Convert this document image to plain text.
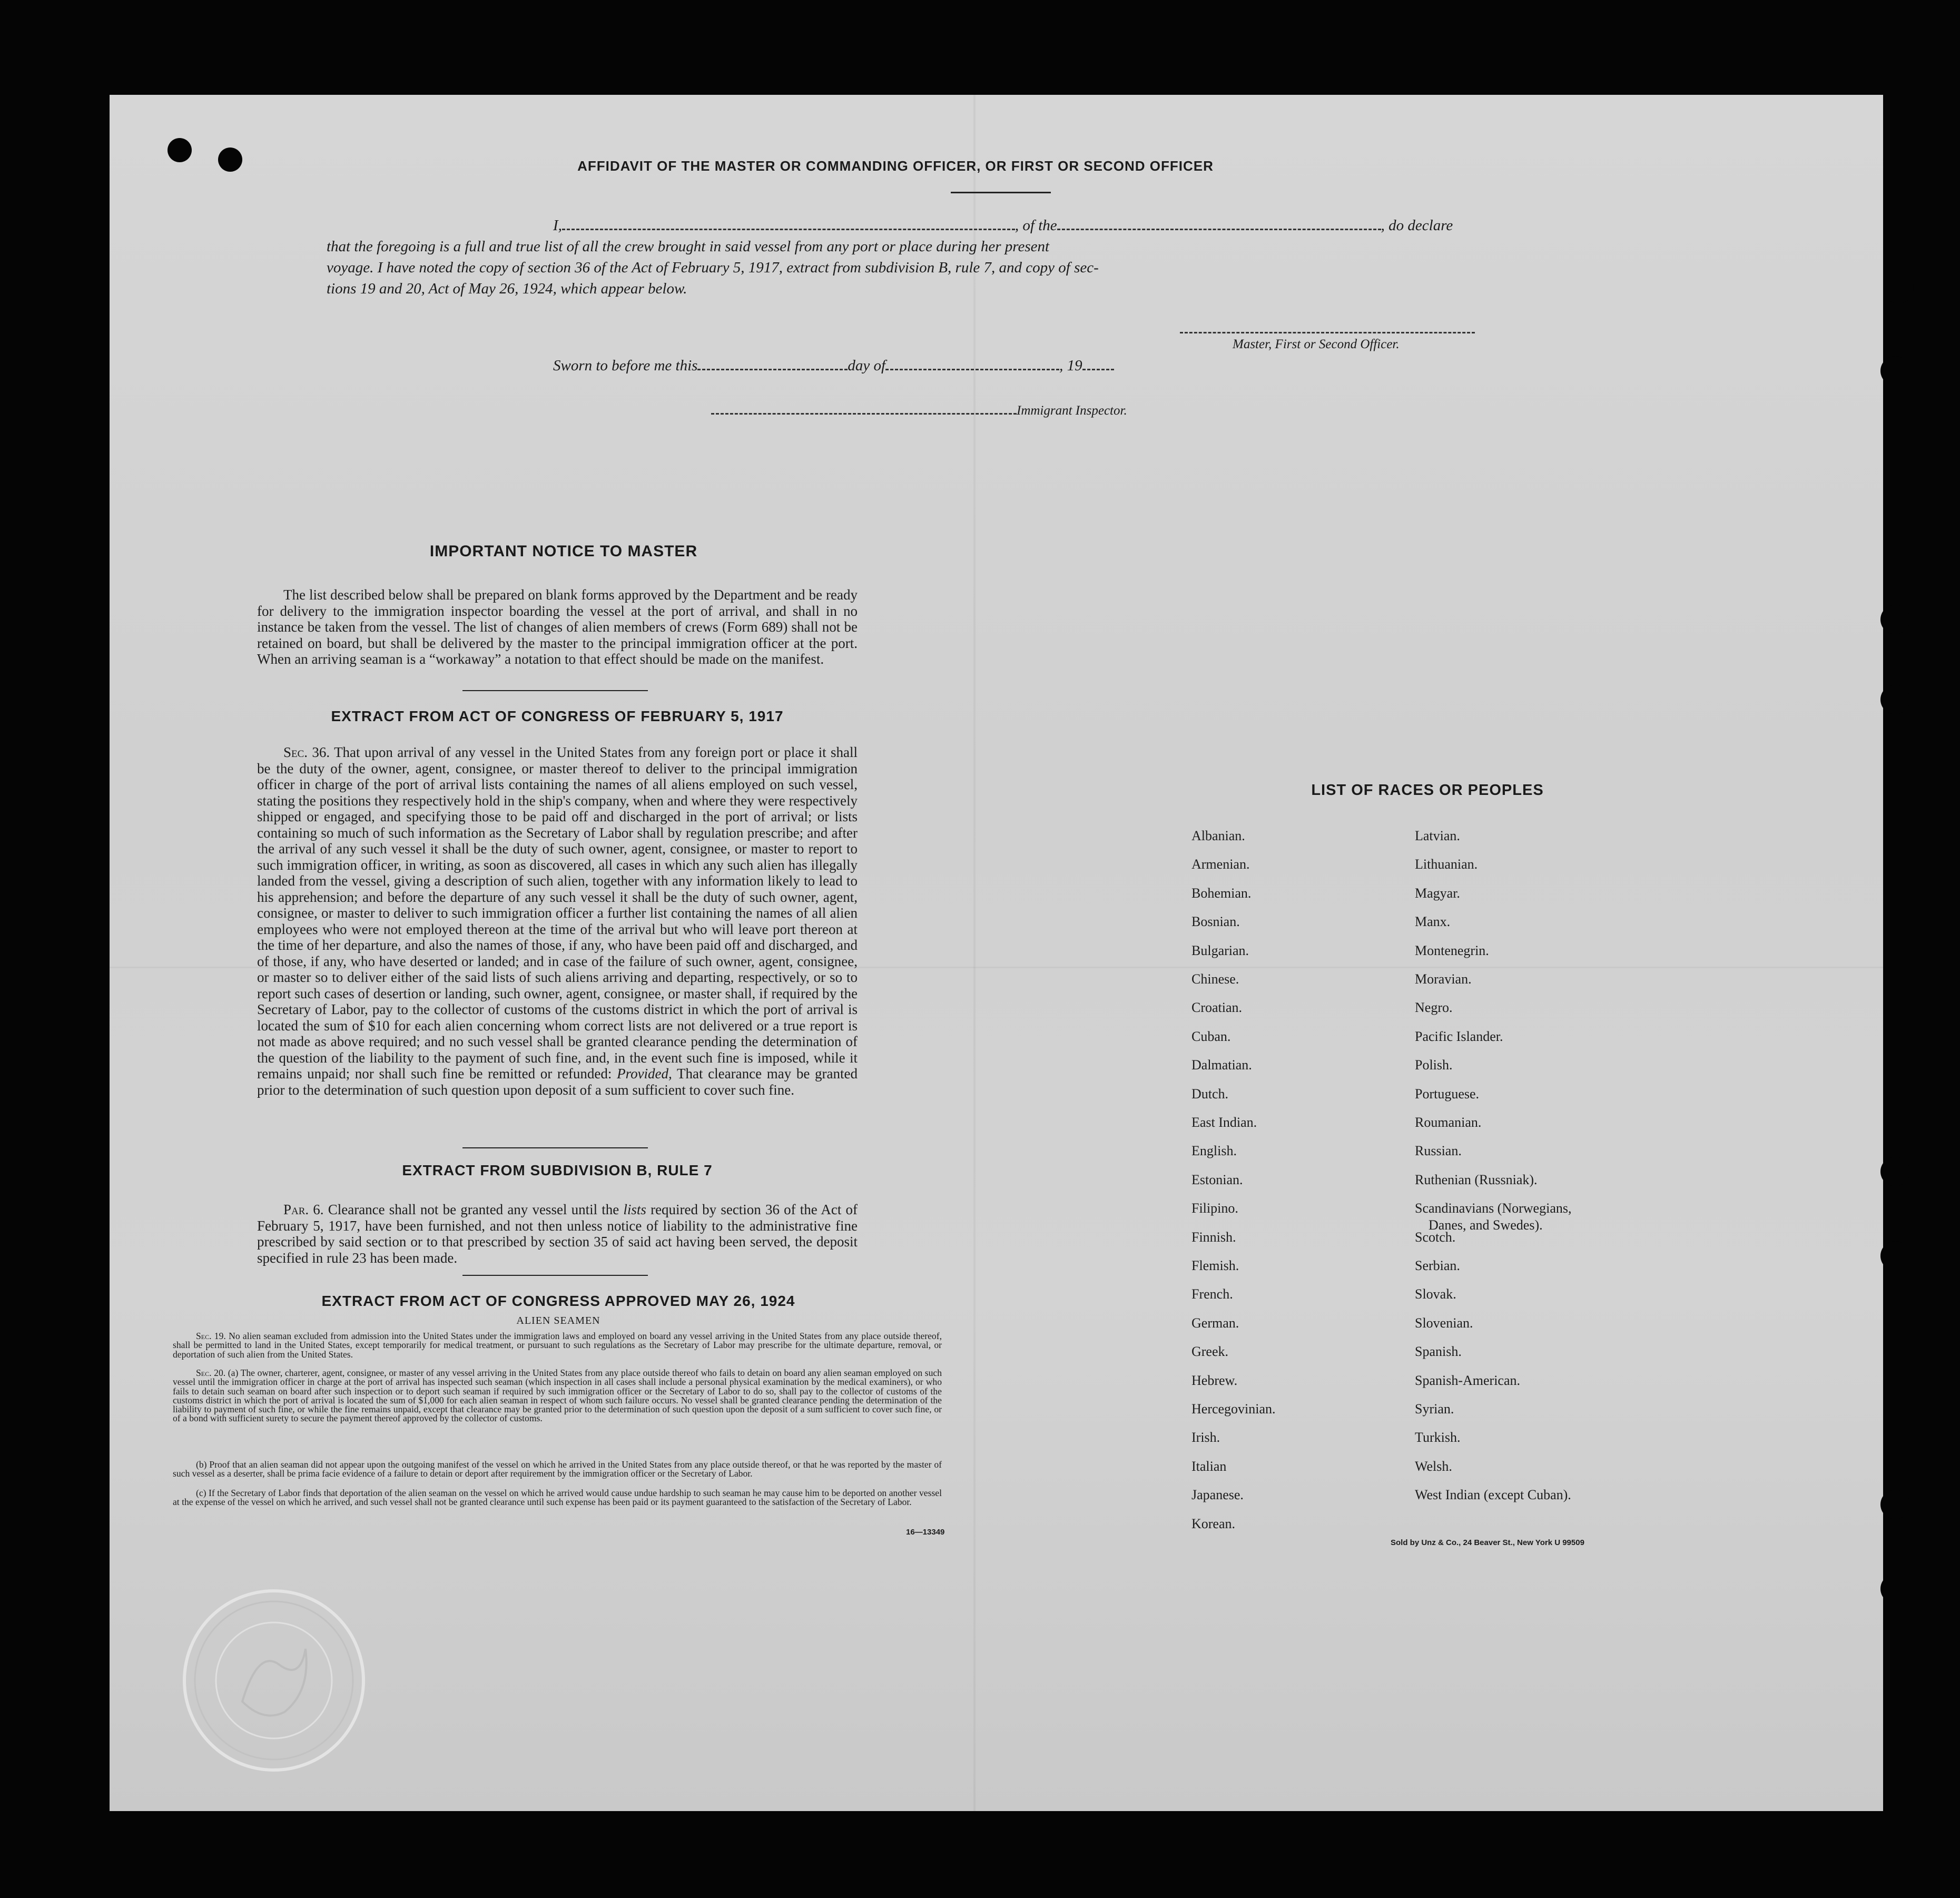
AFFIDAVIT OF THE MASTER OR COMMANDING OFFICER, OR FIRST OR SECOND OFFICER
I,	, of the	, do declare
that the foregoing is a full and true list of all the crew brought in said vessel from any port or place during her present
voyage. I have noted the copy of section 36 of the Act of February 5, 1917, extract from subdivision B, rule 7, and copy of sec-
tions 19 and 20, Act of May 26, 1924, which appear below.
Master, First or Second Officer.
Sworn to before me this	day of	, 19
Immigrant Inspector.
IMPORTANT NOTICE TO MASTER
The list described below shall be prepared on blank forms approved by the Department and be ready for delivery to the immigration inspector boarding the vessel at the port of arrival, and shall in no instance be taken from the vessel. The list of changes of alien members of crews (Form 689) shall not be retained on board, but shall be delivered by the master to the principal immigration officer at the port. When an arriving seaman is a “workaway” a notation to that effect should be made on the manifest.
EXTRACT FROM ACT OF CONGRESS OF FEBRUARY 5, 1917
Sec. 36. That upon arrival of any vessel in the United States from any foreign port or place it shall be the duty of the owner, agent, consignee, or master thereof to deliver to the principal immigration officer in charge of the port of arrival lists containing the names of all aliens employed on such vessel, stating the positions they respectively hold in the ship's company, when and where they were respectively shipped or engaged, and specifying those to be paid off and discharged in the port of arrival; or lists containing so much of such information as the Secretary of Labor shall by regulation prescribe; and after the arrival of any such vessel it shall be the duty of such owner, agent, consignee, or master to report to such immigration officer, in writing, as soon as discovered, all cases in which any such alien has illegally landed from the vessel, giving a description of such alien, together with any information likely to lead to his apprehension; and before the departure of any such vessel it shall be the duty of such owner, agent, consignee, or master to deliver to such immigration officer a further list containing the names of all alien employees who were not employed thereon at the time of the arrival but who will leave port thereon at the time of her departure, and also the names of those, if any, who have been paid off and discharged, and of those, if any, who have deserted or landed; and in case of the failure of such owner, agent, consignee, or master so to deliver either of the said lists of such aliens arriving and departing, respectively, or so to report such cases of desertion or landing, such owner, agent, consignee, or master shall, if required by the Secretary of Labor, pay to the collector of customs of the customs district in which the port of arrival is located the sum of $10 for each alien concerning whom correct lists are not delivered or a true report is not made as above required; and no such vessel shall be granted clearance pending the determination of the question of the liability to the payment of such fine, and, in the event such fine is imposed, while it remains unpaid; nor shall such fine be remitted or refunded: Provided, That clearance may be granted prior to the determination of such question upon deposit of a sum sufficient to cover such fine.
EXTRACT FROM SUBDIVISION B, RULE 7
Par. 6. Clearance shall not be granted any vessel until the lists required by section 36 of the Act of February 5, 1917, have been furnished, and not then unless notice of liability to the administrative fine prescribed by said section or to that prescribed by section 35 of said act having been served, the deposit specified in rule 23 has been made.
EXTRACT FROM ACT OF CONGRESS APPROVED MAY 26, 1924
ALIEN SEAMEN
Sec. 19. No alien seaman excluded from admission into the United States under the immigration laws and employed on board any vessel arriving in the United States from any place outside thereof, shall be permitted to land in the United States, except temporarily for medical treatment, or pursuant to such regulations as the Secretary of Labor may prescribe for the ultimate departure, removal, or deportation of such alien from the United States.
Sec. 20. (a) The owner, charterer, agent, consignee, or master of any vessel arriving in the United States from any place outside thereof who fails to detain on board any alien seaman employed on such vessel until the immigration officer in charge at the port of arrival has inspected such seaman (which inspection in all cases shall include a personal physical examination by the medical examiners), or who fails to detain such seaman on board after such inspection or to deport such seaman if required by such immigration officer or the Secretary of Labor to do so, shall pay to the collector of customs of the customs district in which the port of arrival is located the sum of $1,000 for each alien seaman in respect of whom such failure occurs. No vessel shall be granted clearance pending the determination of the liability to payment of such fine, or while the fine remains unpaid, except that clearance may be granted prior to the determination of such question upon the deposit of a sum sufficient to cover such fine, or of a bond with sufficient surety to secure the payment thereof approved by the collector of customs.
(b) Proof that an alien seaman did not appear upon the outgoing manifest of the vessel on which he arrived in the United States from any place outside thereof, or that he was reported by the master of such vessel as a deserter, shall be prima facie evidence of a failure to detain or deport after requirement by the immigration officer or the Secretary of Labor.
(c) If the Secretary of Labor finds that deportation of the alien seaman on the vessel on which he arrived would cause undue hardship to such seaman he may cause him to be deported on another vessel at the expense of the vessel on which he arrived, and such vessel shall not be granted clearance until such expense has been paid or its payment guaranteed to the satisfaction of the Secretary of Labor.
16—13349
LIST OF RACES OR PEOPLES
Albanian.
Armenian.
Bohemian.
Bosnian.
Bulgarian.
Chinese.
Croatian.
Cuban.
Dalmatian.
Dutch.
East Indian.
English.
Estonian.
Filipino.
Finnish.
Flemish.
French.
German.
Greek.
Hebrew.
Hercegovinian.
Irish.
Italian
Japanese.
Korean.
Latvian.
Lithuanian.
Magyar.
Manx.
Montenegrin.
Moravian.
Negro.
Pacific Islander.
Polish.
Portuguese.
Roumanian.
Russian.
Ruthenian (Russniak).
Scandinavians (Norwegians,
Danes, and Swedes).
Scotch.
Serbian.
Slovak.
Slovenian.
Spanish.
Spanish-American.
Syrian.
Turkish.
Welsh.
West Indian (except Cuban).
Sold by Unz & Co., 24 Beaver St., New York U 99509
